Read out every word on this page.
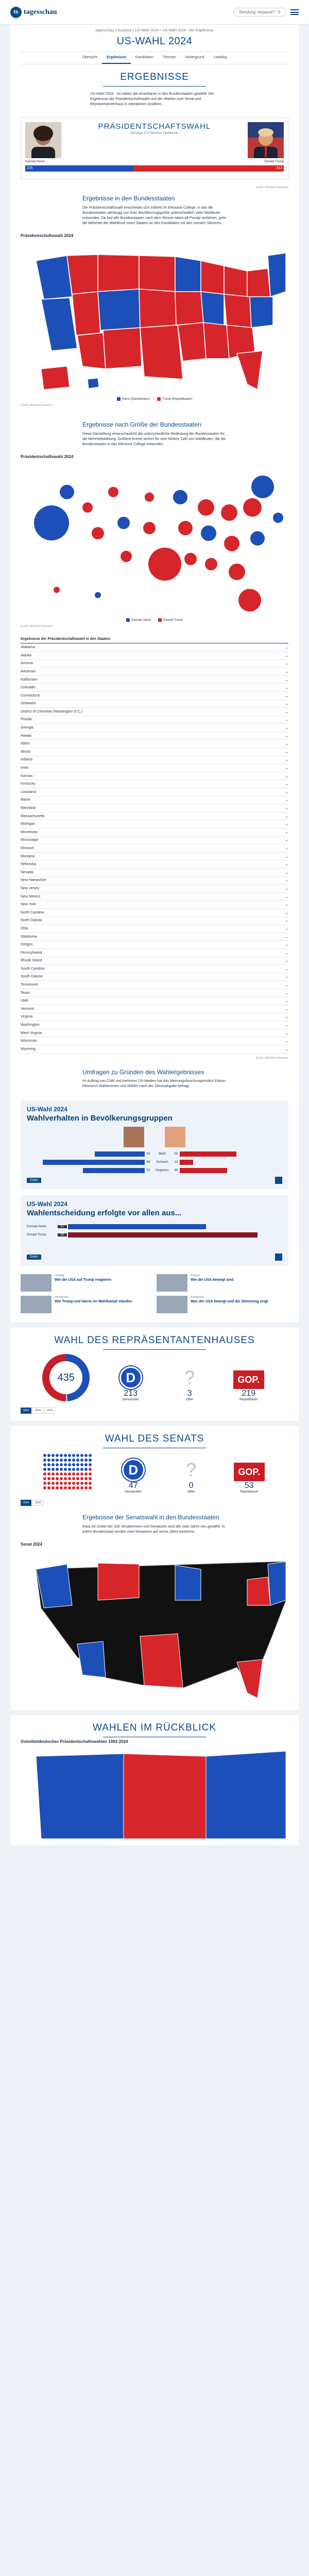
ts tagesschau	Sendung verpasst? ⚲
tagesschau > Ausland > US-Wahl 2024 > US-Wahl 2024 - Die Ergebnisse
US-WAHL 2024
Übersicht	Ergebnisse	Kandidaten	Themen	Hintergrund	Liveblog
ERGEBNISSE
US-Wahl 2024 - So haben die Amerikaner in den Bundesstaaten gewählt: Die Ergebnisse der Präsidentschaftswahl und der Wahlen zum Senat und Repräsentantenhaus in interaktiven Grafiken.
PRÄSIDENTSCHAFTSWAHL
Benötigt: 270 Stimmen (Wahlleute)
Kamala Harris	Donald Trump
226	312
Quelle: AP/Edison Research
Ergebnisse in den Bundesstaaten
Die Präsidentschaftswahl entscheidet sich indirekt im Electoral College, in das die Bundesstaaten abhängig von ihrer Bevölkerungsgröße unterschiedlich viele Wahlleute entsenden. Da fast alle Bundesstaaten nach dem Winner-takes-all-Prinzip verfahren, geht die Mehrheit der Wahlleute eines Staates an den Kandidaten mit den meisten Stimmen.
Präsidentschaftswahl 2024
Harris (Demokraten)	Trump (Republikaner)
Quelle: AP/Edison Research
Ergebnisse nach Größe der Bundesstaaten
Diese Darstellung veranschaulicht die unterschiedliche Bedeutung der Bundesstaaten für die Mehrheitsbildung. Größere Kreise stehen für eine höhere Zahl von Wahlleuten, die die Bundesstaaten in das Electoral College entsenden.
Präsidentschaftswahl 2024
Kamala Harris	Donald Trump
Quelle: AP/Edison Research
Ergebnisse der Präsidentschaftswahl in den Staaten
Alabama	⌄
Alaska	⌄
Arizona	⌄
Arkansas	⌄
Kalifornien	⌄
Colorado	⌄
Connecticut	⌄
Delaware	⌄
District of Columbia (Washington D.C.)	⌄
Florida	⌄
Georgia	⌄
Hawaii	⌄
Idaho	⌄
Illinois	⌄
Indiana	⌄
Iowa	⌄
Kansas	⌄
Kentucky	⌄
Louisiana	⌄
Maine	⌄
Maryland	⌄
Massachusetts	⌄
Michigan	⌄
Minnesota	⌄
Mississippi	⌄
Missouri	⌄
Montana	⌄
Nebraska	⌄
Nevada	⌄
New Hampshire	⌄
New Jersey	⌄
New Mexico	⌄
New York	⌄
North Carolina	⌄
North Dakota	⌄
Ohio	⌄
Oklahoma	⌄
Oregon	⌄
Pennsylvania	⌄
Rhode Island	⌄
South Carolina	⌄
South Dakota	⌄
Tennessee	⌄
Texas	⌄
Utah	⌄
Vermont	⌄
Virginia	⌄
Washington	⌄
West Virginia	⌄
Wisconsin	⌄
Wyoming	⌄
Quelle: AP/Edison Research
Umfragen zu Gründen des Wahlergebnisses
Im Auftrag von CNN und mehrerer US-Medien hat das Meinungsforschungsinstitut Edison Research Wählerinnen und Wähler nach der Stimmabgabe befragt.
US-Wahl 2024
Wahlverhalten in Bevölkerungsgruppen
42	Weiß	55
86	Schwarz	13
52	Hispanics	46
Daten
US-Wahl 2024
Wahlentscheidung erfolgte vor allen aus...
Kamala Harris	67
Donald Trump	92
Daten
Liveblog
Wie die USA auf Trump reagieren
Analyse
Wie die USA bewegt sind
Hintergrund
Wie Trump und Harris im Wahlkampf standen
Kommentar
Was der USA bewegt und die Stimmung zeigt
WAHL DES REPRÄSENTANTENHAUSES
435	D
213
Demokraten
?
3
Offen
GOP.
219
Republikaner
2024	2020	2016
WAHL DES SENATS
D
47
Demokraten
?
0
Offen
GOP.
53
Republikaner
2024	2020
Ergebnisse der Senatswahl in den Bundesstaaten
Etwa ein Drittel der 100 Senatorinnen und Senatoren wird alle zwei Jahre neu gewählt. In jedem Bundesstaat werden zwei Senatoren auf sechs Jahre bestimmt.
Senat 2024
WAHLEN IM RÜCKBLICK
Ostmitteldeutsches Präsidentschaftswahlen 1992-2024
